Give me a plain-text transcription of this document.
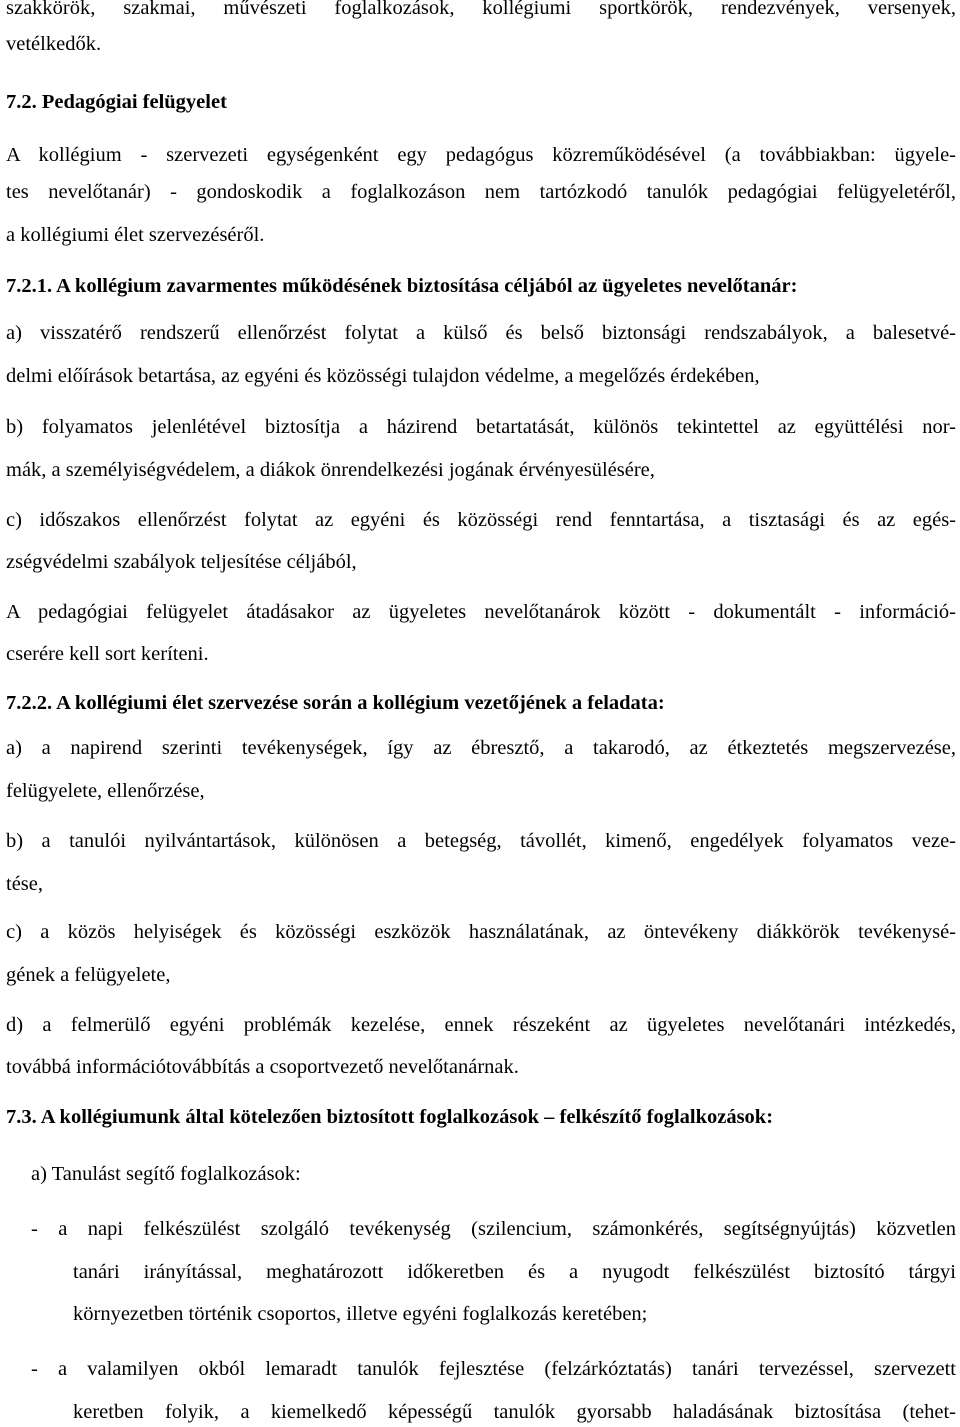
szakkörök, szakmai, művészeti foglalkozások, kollégiumi sportkörök, rendezvények, versenyek,
vetélkedők.
7.2. Pedagógiai felügyelet
A kollégium - szervezeti egységenként egy pedagógus közreműködésével (a továbbiakban: ügyele-
tes nevelőtanár) - gondoskodik a foglalkozáson nem tartózkodó tanulók pedagógiai felügyeletéről,
a kollégiumi élet szervezéséről.
7.2.1. A kollégium zavarmentes működésének biztosítása céljából az ügyeletes nevelőtanár:
a) visszatérő rendszerű ellenőrzést folytat a külső és belső biztonsági rendszabályok, a balesetvé-
delmi előírások betartása, az egyéni és közösségi tulajdon védelme, a megelőzés érdekében,
b) folyamatos jelenlétével biztosítja a házirend betartatását, különös tekintettel az együttélési nor-
mák, a személyiségvédelem, a diákok önrendelkezési jogának érvényesülésére,
c) időszakos ellenőrzést folytat az egyéni és közösségi rend fenntartása, a tisztasági és az egés-
zségvédelmi szabályok teljesítése céljából,
A pedagógiai felügyelet átadásakor az ügyeletes nevelőtanárok között - dokumentált - információ-
cserére kell sort keríteni.
7.2.2. A kollégiumi élet szervezése során a kollégium vezetőjének a feladata:
a) a napirend szerinti tevékenységek, így az ébresztő, a takarodó, az étkeztetés megszervezése,
felügyelete, ellenőrzése,
b) a tanulói nyilvántartások, különösen a betegség, távollét, kimenő, engedélyek folyamatos veze-
tése,
c) a közös helyiségek és közösségi eszközök használatának, az öntevékeny diákkörök tevékenysé-
gének a felügyelete,
d) a felmerülő egyéni problémák kezelése, ennek részeként az ügyeletes nevelőtanári intézkedés,
továbbá információtovábbítás a csoportvezető nevelőtanárnak.
7.3. A kollégiumunk által kötelezően biztosított foglalkozások – felkészítő foglalkozások:
a) Tanulást segítő foglalkozások:
- a napi felkészülést szolgáló tevékenység (szilencium, számonkérés, segítségnyújtás) közvetlen
tanári irányítással, meghatározott időkeretben és a nyugodt felkészülést biztosító tárgyi
környezetben történik csoportos, illetve egyéni foglalkozás keretében;
- a valamilyen okból lemaradt tanulók fejlesztése (felzárkóztatás) tanári tervezéssel, szervezett
keretben folyik, a kiemelkedő képességű tanulók gyorsabb haladásának biztosítása (tehet-
